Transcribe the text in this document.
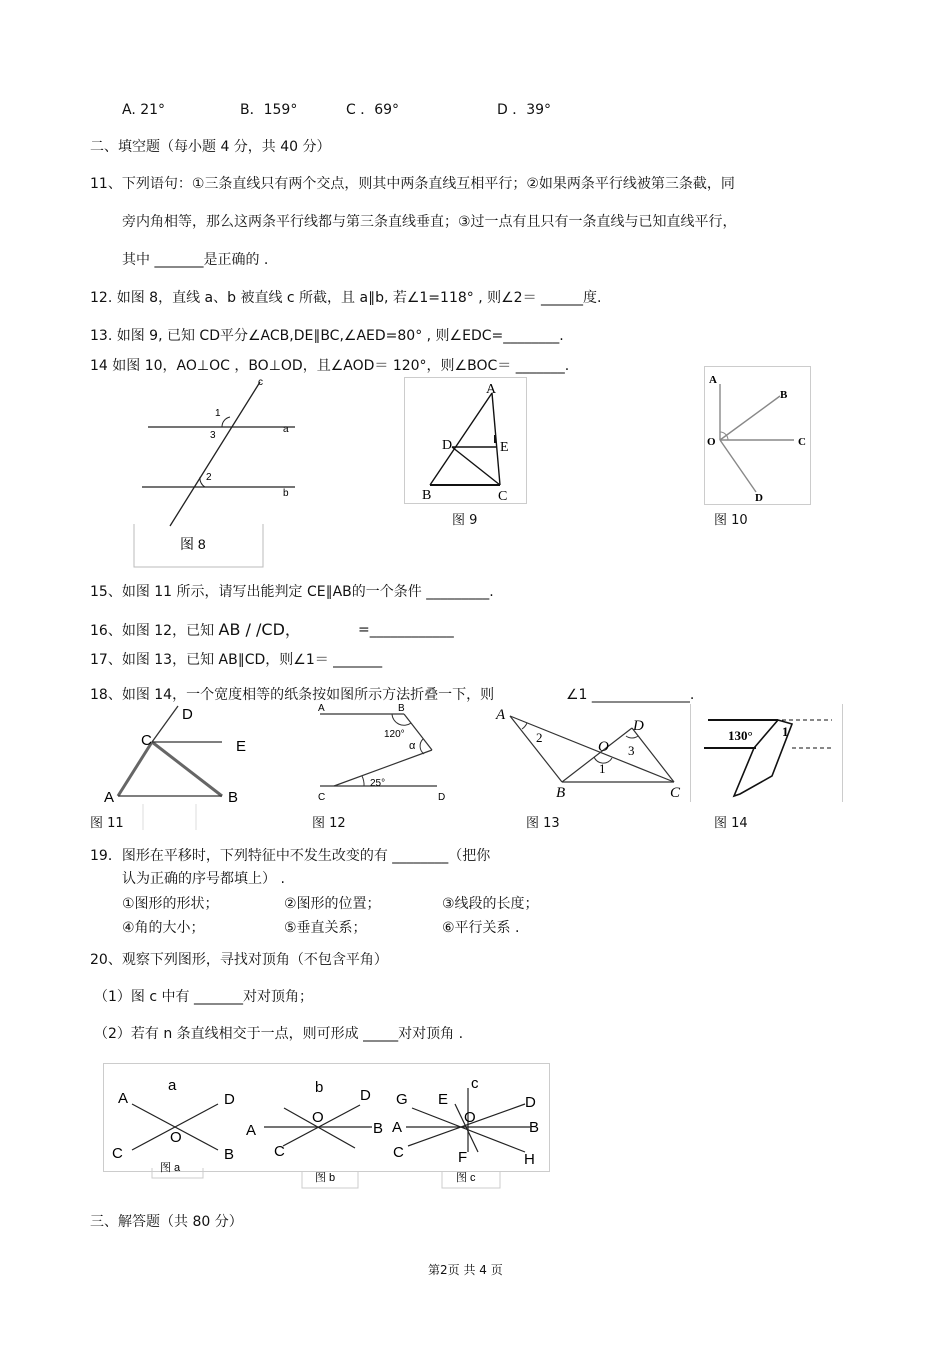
A. 21°	B．159°	C ．69°	D ．39°
二、填空题（每小题 4 分，共 40 分）
11、下列语句：①三条直线只有两个交点，则其中两条直线互相平行；②如果两条平行线被第三条截，同
旁内角相等，那么这两条平行线都与第三条直线垂直；③过一点有且只有一条直线与已知直线平行，
其中 _______是正确的 .
12. 如图 8，直线 a、b 被直线 c 所截，且 a∥b, 若∠1=118° , 则∠2＝ ______度.
13. 如图 9, 已知 CD平分∠ACB,DE∥BC,∠AED=80° , 则∠EDC=________.
14 如图 10，AO⊥OC ，BO⊥OD，且∠AOD＝ 120°，则∠BOC＝ _______.
c
a
b
1
3
2
图 8
A
D	E
B	C
图 9
A
B
C
O
D
图 10
15、如图 11 所示，请写出能判定 CE∥AB的一个条件 _________.
16、如图 12，已知 AB / /CD，	=____________
17、如图 13，已知 AB∥CD，则∠1＝ _______
18、如图 14，一个宽度相等的纸条按如图所示方法折叠一下，则	∠1 ______________.
D
C	E
A	B
图 11
A	B
C	D
120°
α
25°
图 12
A
D
O
B	C
2
1
3
图 13
130° 1
图 14
19．图形在平移时，下列特征中不发生改变的有 ________（把你
认为正确的序号都填上） .
①图形的形状；	②图形的位置；	③线段的长度；
④角的大小；	⑤垂直关系；	⑥平行关系 .
20、观察下列图形，寻找对顶角（不包含平角）
（1）图 c 中有 _______对对顶角；
（2）若有 n 条直线相交于一点，则可形成 _____对对顶角 .
A
a
D
O
C	B
图 a
b D
O
A	B
C
图 b
c
G E	D
O
A	B
C	F	H
图 c
三、解答题（共 80 分）
第2页 共 4 页
